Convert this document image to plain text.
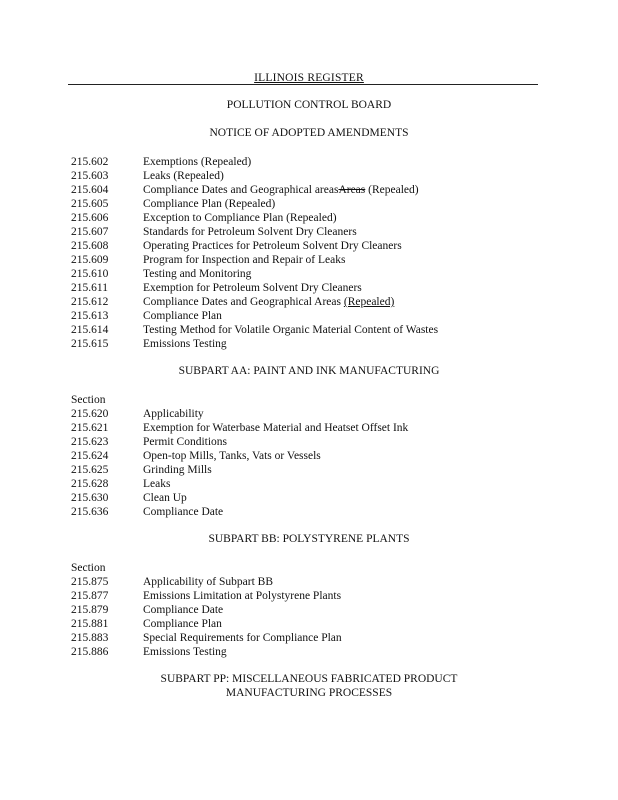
ILLINOIS REGISTER
POLLUTION CONTROL BOARD
NOTICE OF ADOPTED AMENDMENTS
215.602	Exemptions (Repealed)
215.603	Leaks (Repealed)
215.604	Compliance Dates and Geographical areasAreas (Repealed)
215.605	Compliance Plan (Repealed)
215.606	Exception to Compliance Plan (Repealed)
215.607	Standards for Petroleum Solvent Dry Cleaners
215.608	Operating Practices for Petroleum Solvent Dry Cleaners
215.609	Program for Inspection and Repair of Leaks
215.610	Testing and Monitoring
215.611	Exemption for Petroleum Solvent Dry Cleaners
215.612	Compliance Dates and Geographical Areas (Repealed)
215.613	Compliance Plan
215.614	Testing Method for Volatile Organic Material Content of Wastes
215.615	Emissions Testing
SUBPART AA: PAINT AND INK MANUFACTURING
Section
215.620	Applicability
215.621	Exemption for Waterbase Material and Heatset Offset Ink
215.623	Permit Conditions
215.624	Open-top Mills, Tanks, Vats or Vessels
215.625	Grinding Mills
215.628	Leaks
215.630	Clean Up
215.636	Compliance Date
SUBPART BB: POLYSTYRENE PLANTS
Section
215.875	Applicability of Subpart BB
215.877	Emissions Limitation at Polystyrene Plants
215.879	Compliance Date
215.881	Compliance Plan
215.883	Special Requirements for Compliance Plan
215.886	Emissions Testing
SUBPART PP: MISCELLANEOUS FABRICATED PRODUCT
MANUFACTURING PROCESSES
